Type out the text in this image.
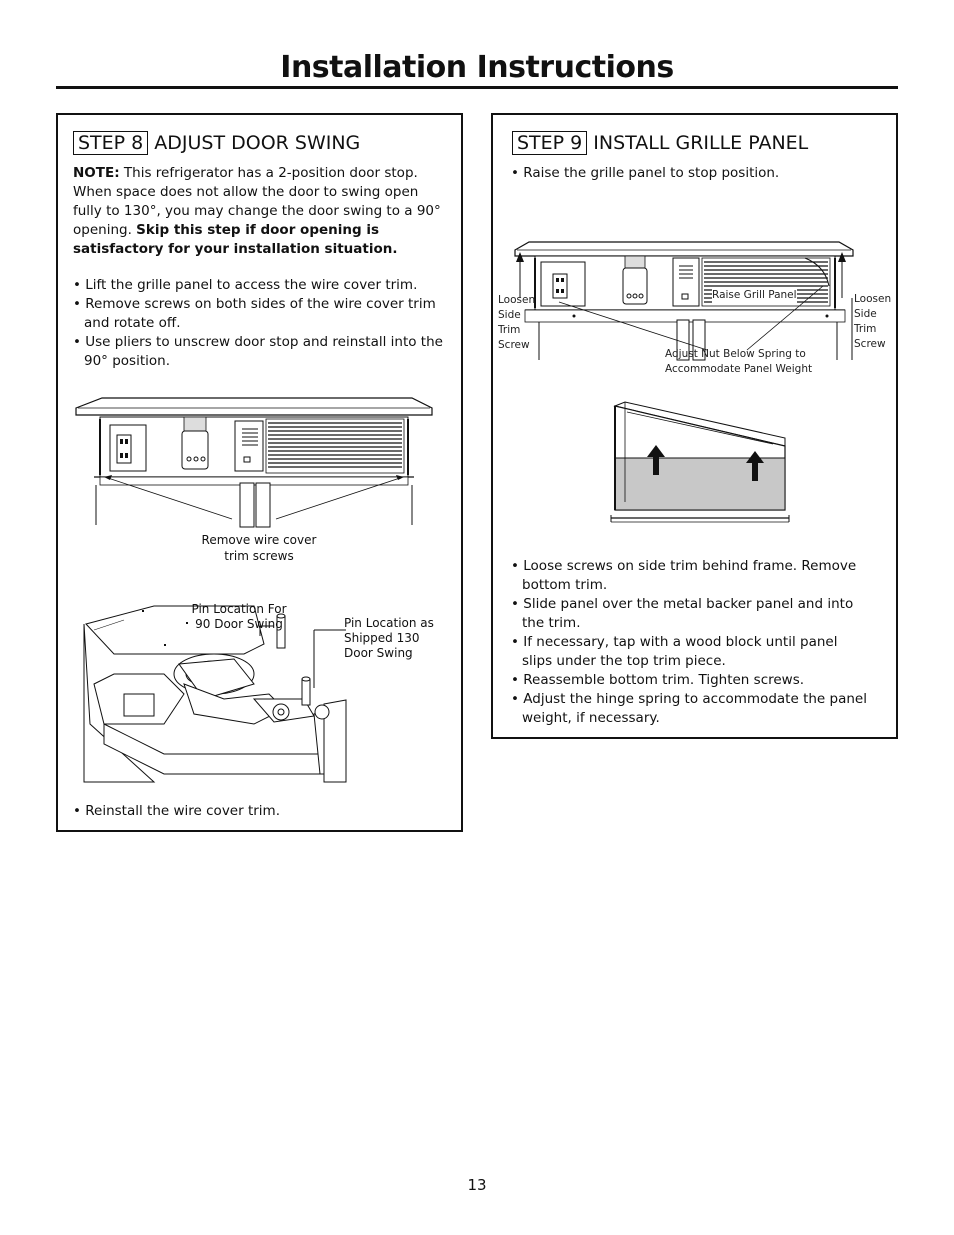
Installation Instructions
STEP 8 ADJUST DOOR SWING
NOTE: This refrigerator has a 2-position door stop. When space does not allow the door to swing open fully to 130°, you may change the door swing to a 90° opening. Skip this step if door opening is satisfactory for your installation situation.
• Lift the grille panel to access the wire cover trim.
• Remove screws on both sides of the wire cover trim and rotate off.
• Use pliers to unscrew door stop and reinstall into the 90° position.
Remove wire cover trim screws
Pin Location For 90 Door Swing	Pin Location as Shipped 130 Door Swing
• Reinstall the wire cover trim.
STEP 9 INSTALL GRILLE PANEL
• Raise the grille panel to stop position.
Loosen Side Trim Screw
Loosen Side Trim Screw
Raise Grill Panel
Adjust Nut Below Spring to Accommodate Panel Weight
• Loose screws on side trim behind frame. Remove bottom trim.
• Slide panel over the metal backer panel and into the trim.
• If necessary, tap with a wood block until panel slips under the top trim piece.
• Reassemble bottom trim. Tighten screws.
• Adjust the hinge spring to accommodate the panel weight, if necessary.
13
